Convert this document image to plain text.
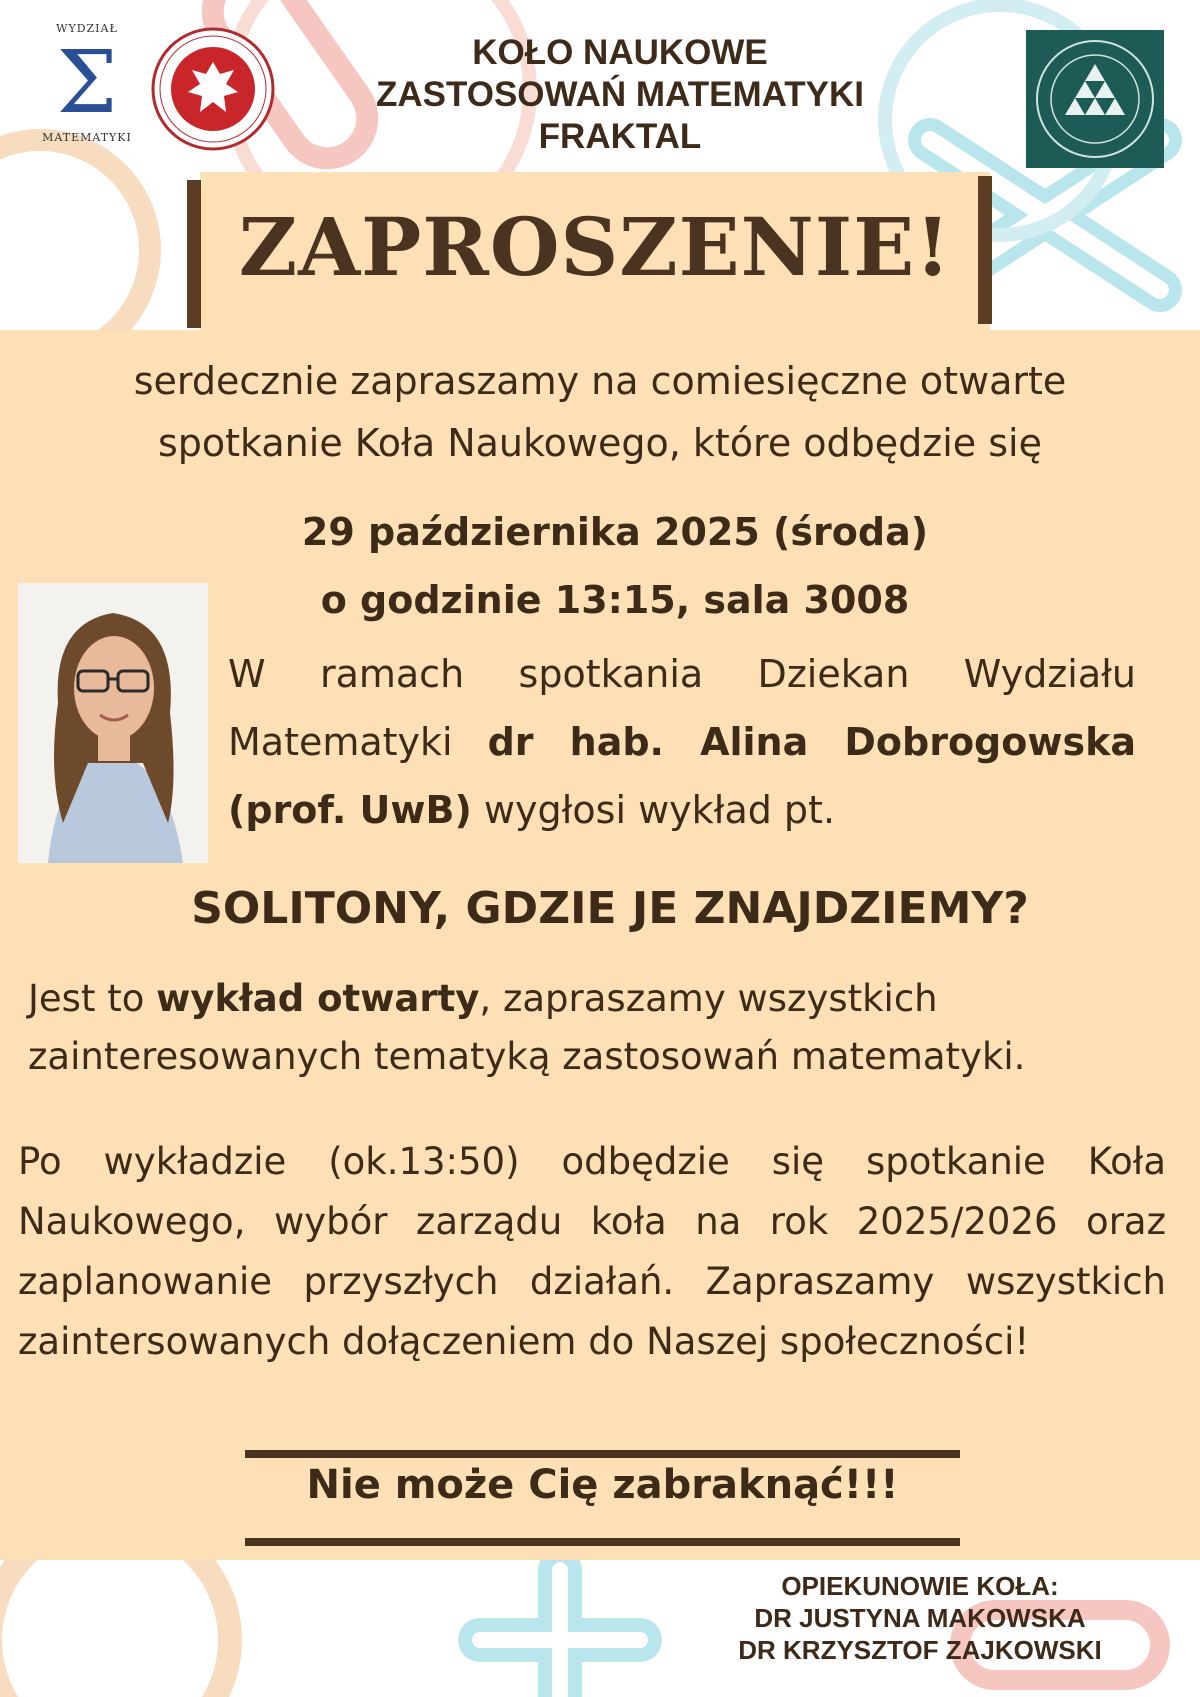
WYDZIAŁ
Σ
MATEMATYKI
KOŁO NAUKOWE
ZASTOSOWAŃ MATEMATYKI
FRAKTAL
ZAPROSZENIE!
serdecznie zapraszamy na comiesięczne otwarte
spotkanie Koła Naukowego, które odbędzie się
29 października 2025 (środa)
o godzinie 13:15, sala 3008
W ramach spotkania Dziekan Wydziału Matematyki dr hab. Alina Dobrogowska (prof. UwB) wygłosi wykład pt.
SOLITONY, GDZIE JE ZNAJDZIEMY?
Jest to wykład otwarty, zapraszamy wszystkich zainteresowanych tematyką zastosowań matematyki.
Po wykładzie (ok.13:50) odbędzie się spotkanie Koła Naukowego, wybór zarządu koła na rok 2025/2026 oraz zaplanowanie przyszłych działań. Zapraszamy wszystkich zaintersowanych dołączeniem do Naszej społeczności!
Nie może Cię zabraknąć!!!
OPIEKUNOWIE KOŁA:
DR JUSTYNA MAKOWSKA
DR KRZYSZTOF ZAJKOWSKI
